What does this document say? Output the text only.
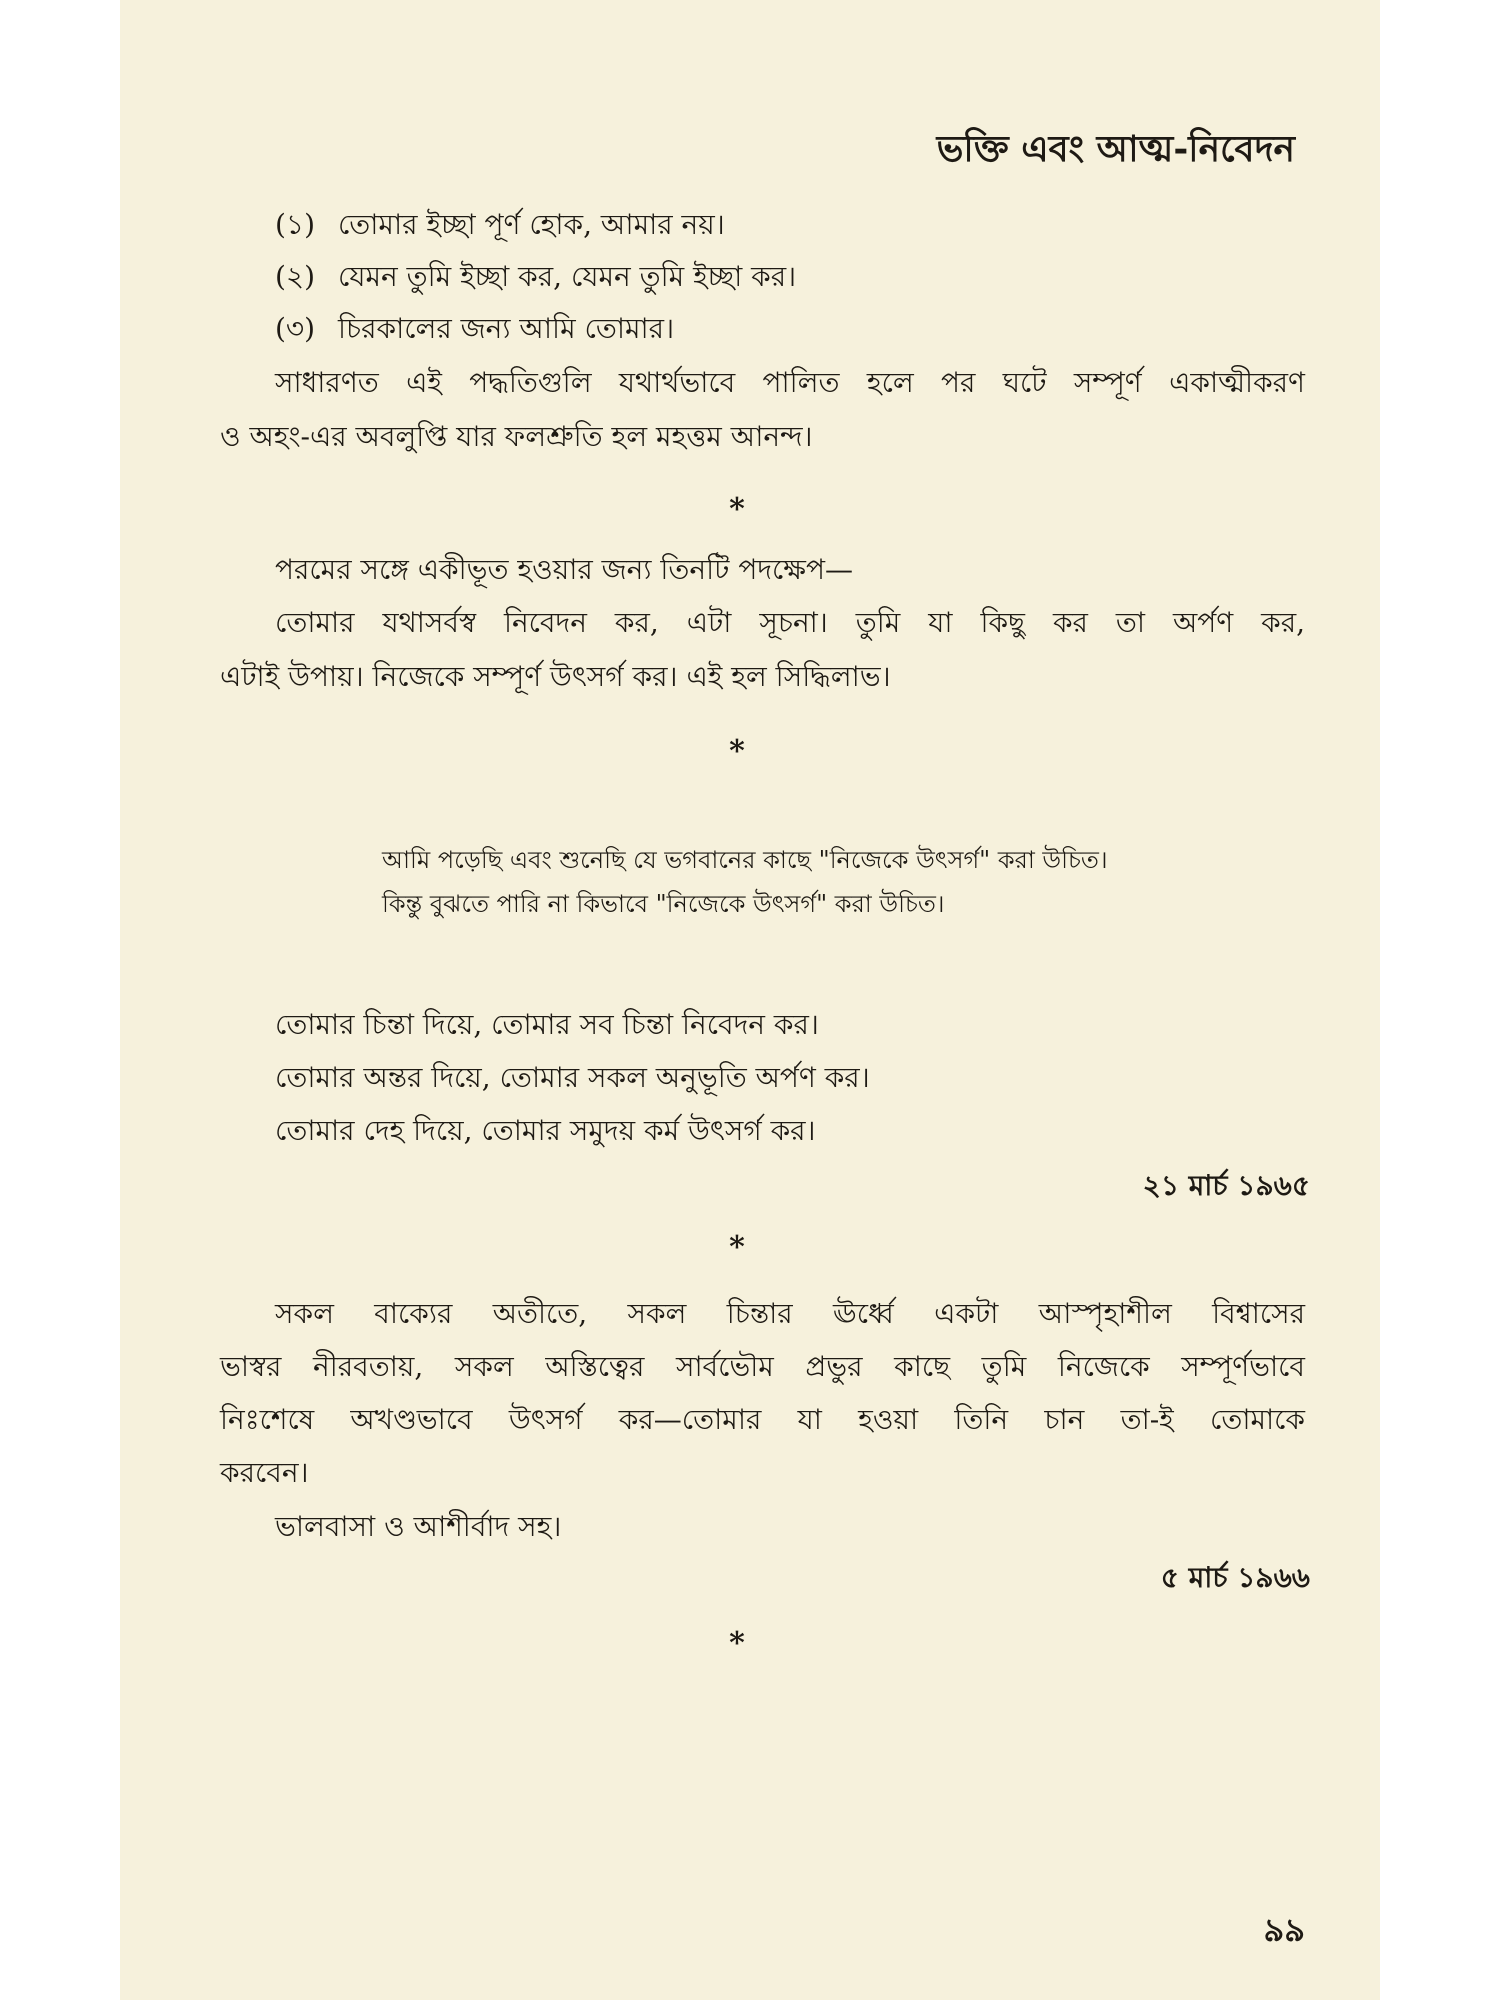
ভক্তি এবং আত্ম-নিবেদন
(১) তোমার ইচ্ছা পূর্ণ হোক, আমার নয়।
(২) যেমন তুমি ইচ্ছা কর, যেমন তুমি ইচ্ছা কর।
(৩) চিরকালের জন্য আমি তোমার।
সাধারণত এই পদ্ধতিগুলি যথার্থভাবে পালিত হলে পর ঘটে সম্পূর্ণ একাত্মীকরণ
ও অহং-এর অবলুপ্তি যার ফলশ্রুতি হল মহত্তম আনন্দ।
*
পরমের সঙ্গে একীভূত হওয়ার জন্য তিনটি পদক্ষেপ—
তোমার যথাসর্বস্ব নিবেদন কর, এটা সূচনা। তুমি যা কিছু কর তা অর্পণ কর,
এটাই উপায়। নিজেকে সম্পূর্ণ উৎসর্গ কর। এই হল সিদ্ধিলাভ।
*
আমি পড়েছি এবং শুনেছি যে ভগবানের কাছে "নিজেকে উৎসর্গ" করা উচিত।
কিন্তু বুঝতে পারি না কিভাবে "নিজেকে উৎসর্গ" করা উচিত।
তোমার চিন্তা দিয়ে, তোমার সব চিন্তা নিবেদন কর।
তোমার অন্তর দিয়ে, তোমার সকল অনুভূতি অর্পণ কর।
তোমার দেহ দিয়ে, তোমার সমুদয় কর্ম উৎসর্গ কর।
২১ মার্চ ১৯৬৫
*
সকল বাক্যের অতীতে, সকল চিন্তার ঊর্ধ্বে একটা আস্পৃহাশীল বিশ্বাসের
ভাস্বর নীরবতায়, সকল অস্তিত্বের সার্বভৌম প্রভুর কাছে তুমি নিজেকে সম্পূর্ণভাবে
নিঃশেষে অখণ্ডভাবে উৎসর্গ কর—তোমার যা হওয়া তিনি চান তা-ই তোমাকে
করবেন।
ভালবাসা ও আশীর্বাদ সহ।
৫ মার্চ ১৯৬৬
*
৯৯
